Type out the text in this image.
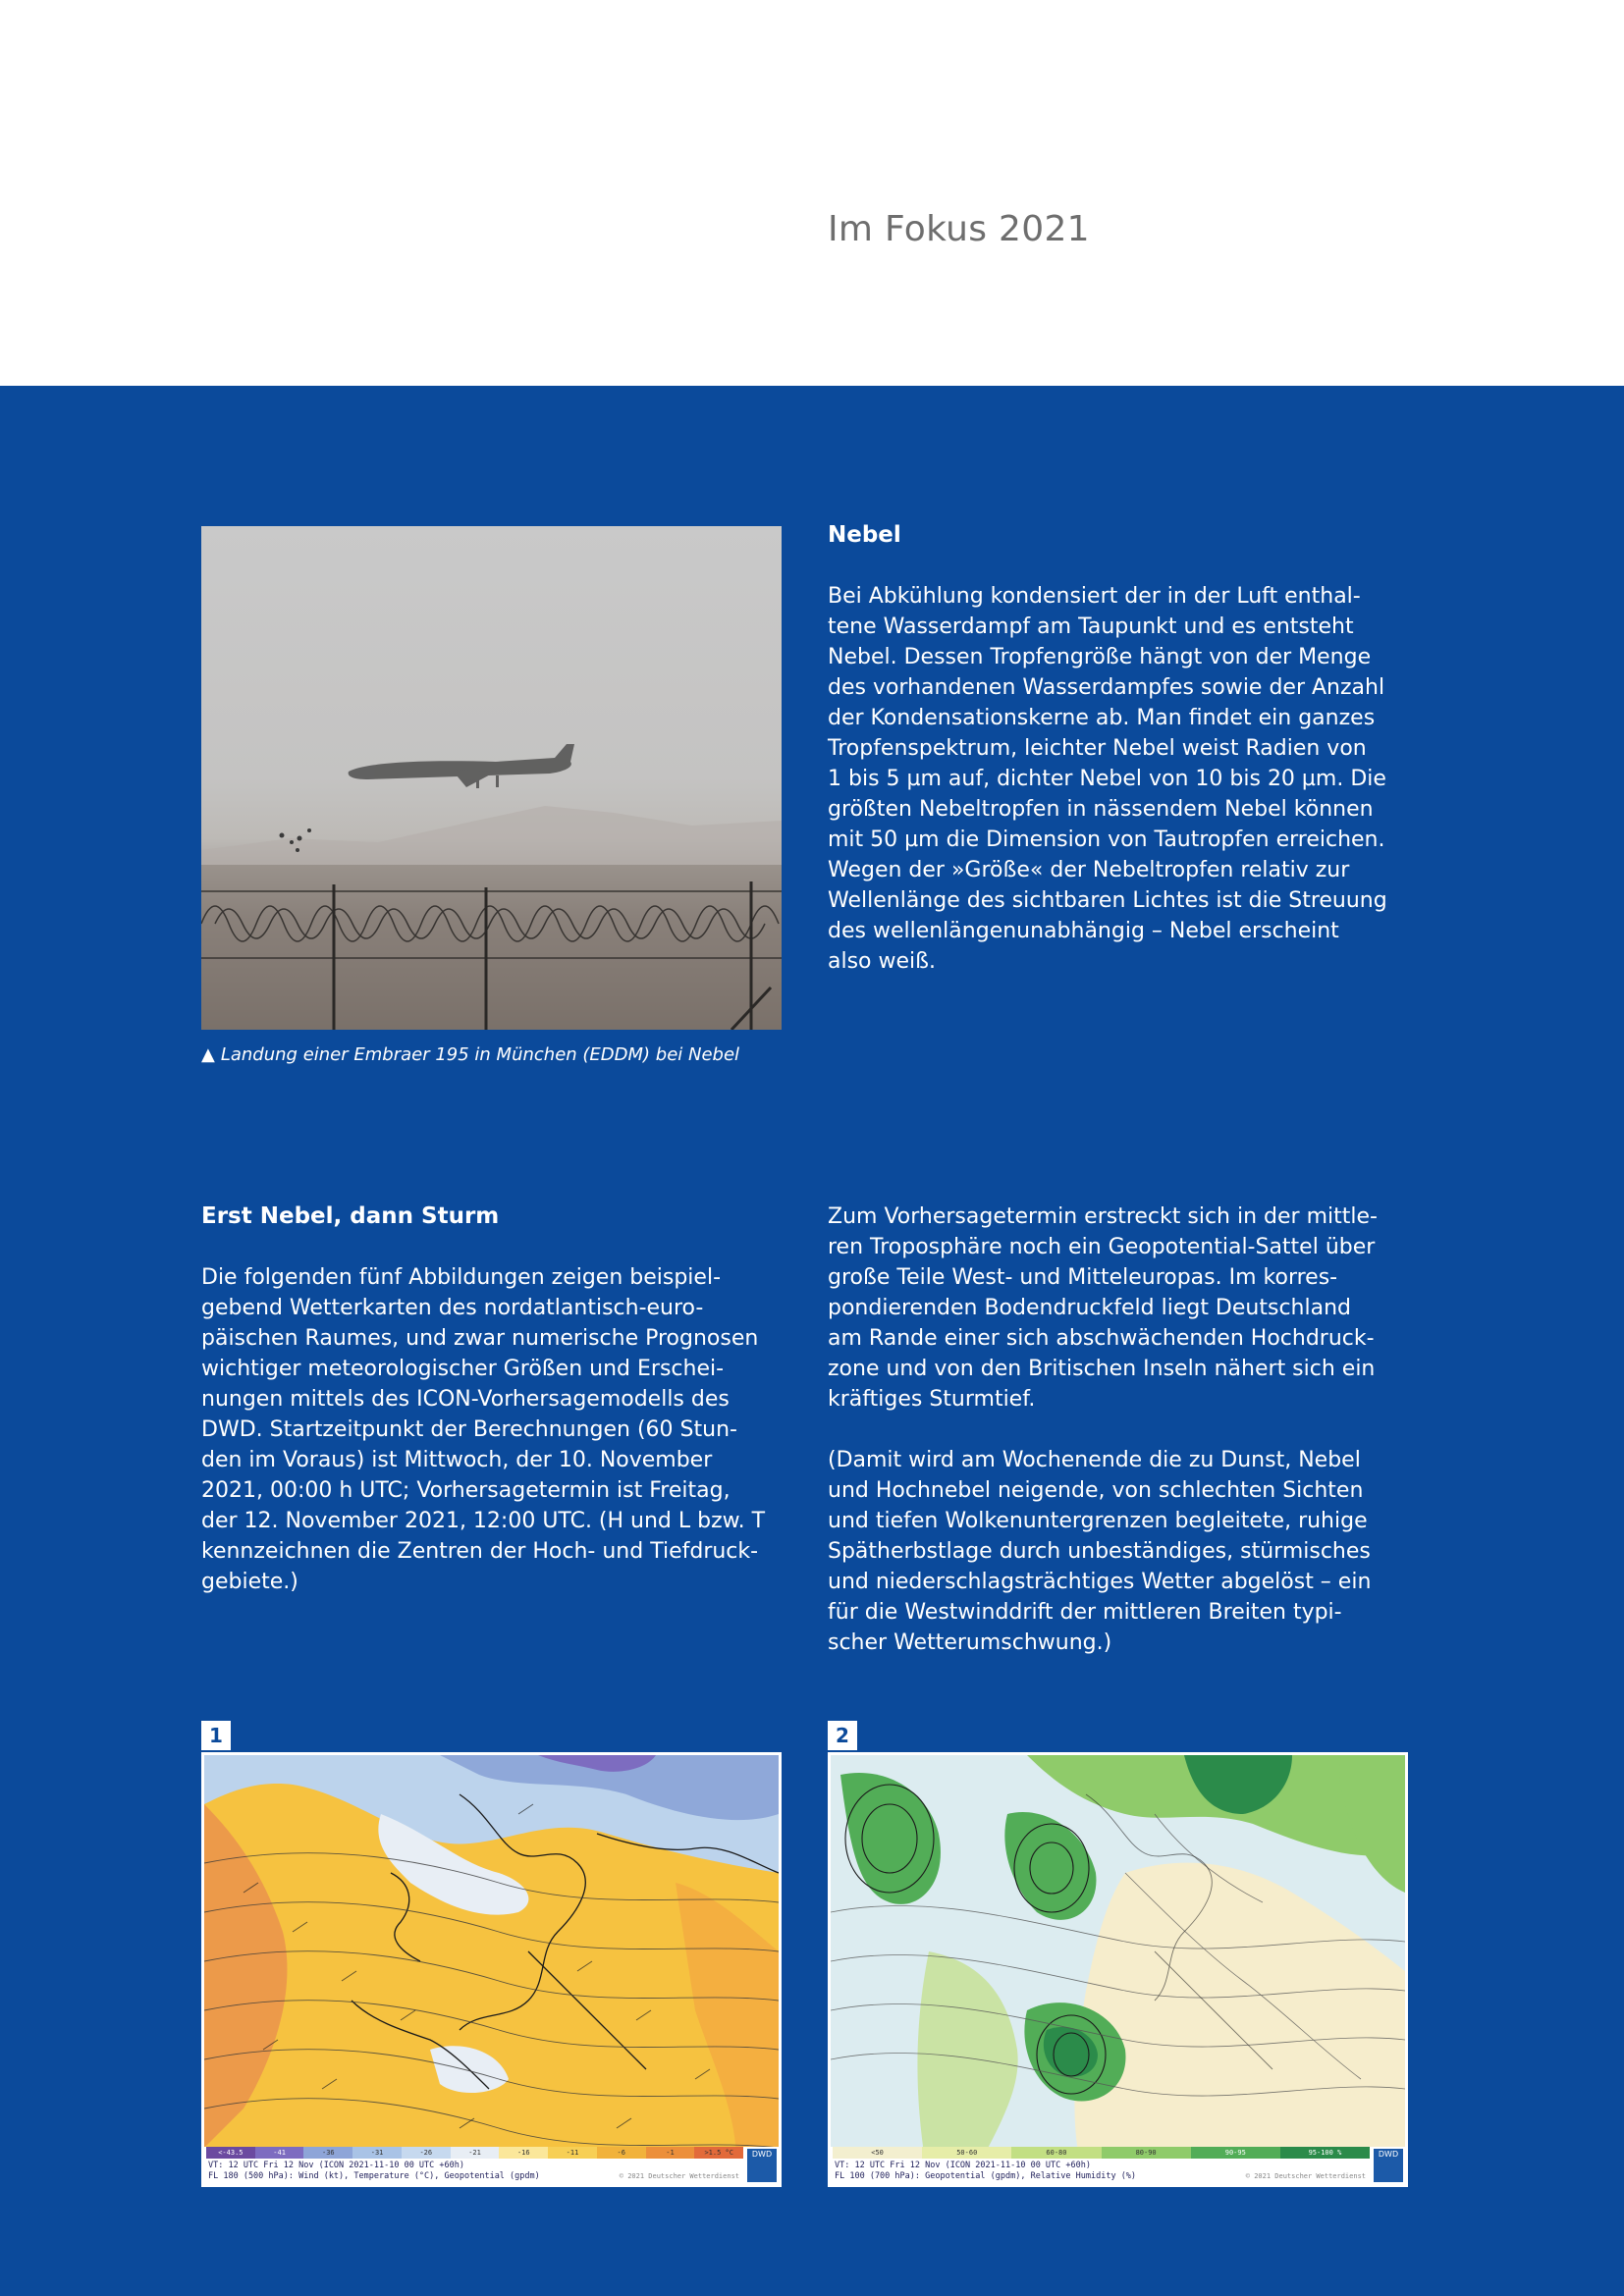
Im Fokus 2021
▲ Landung einer Embraer 195 in München (EDDM) bei Nebel
Nebel
Bei Abkühlung kondensiert der in der Luft enthal-
tene Wasserdampf am Taupunkt und es entsteht
Nebel. Dessen Tropfengröße hängt von der Menge
des vorhandenen Wasserdampfes sowie der Anzahl
der Kondensationskerne ab. Man findet ein ganzes
Tropfenspektrum, leichter Nebel weist Radien von
1 bis 5 µm auf, dichter Nebel von 10 bis 20 µm. Die
größten Nebeltropfen in nässendem Nebel können
mit 50 µm die Dimension von Tautropfen erreichen.
Wegen der »Größe« der Nebeltropfen relativ zur
Wellenlänge des sichtbaren Lichtes ist die Streuung
des wellenlängenunabhängig – Nebel erscheint
also weiß.
Erst Nebel, dann Sturm
Die folgenden fünf Abbildungen zeigen beispiel-
gebend Wetterkarten des nordatlantisch-euro-
päischen Raumes, und zwar numerische Prognosen
wichtiger meteorologischer Größen und Erschei-
nungen mittels des ICON-Vorhersagemodells des
DWD. Startzeitpunkt der Berechnungen (60 Stun-
den im Voraus) ist Mittwoch, der 10. November
2021, 00:00 h UTC; Vorhersagetermin ist Freitag,
der 12. November 2021, 12:00 UTC. (H und L bzw. T
kennzeichnen die Zentren der Hoch- und Tiefdruck-
gebiete.)
Zum Vorhersagetermin erstreckt sich in der mittle-
ren Troposphäre noch ein Geopotential-Sattel über
große Teile West- und Mitteleuropas. Im korres-
pondierenden Bodendruckfeld liegt Deutschland
am Rande einer sich abschwächenden Hochdruck-
zone und von den Britischen Inseln nähert sich ein
kräftiges Sturmtief.
(Damit wird am Wochenende die zu Dunst, Nebel
und Hochnebel neigende, von schlechten Sichten
und tiefen Wolkenuntergrenzen begleitete, ruhige
Spätherbstlage durch unbeständiges, stürmisches
und niederschlagsträchtiges Wetter abgelöst – ein
für die Westwinddrift der mittleren Breiten typi-
scher Wetterumschwung.)
1
<-43.5	-41	-36	-31	-26	-21	-16	-11	-6	-1	>1.5 °C
VT: 12 UTC Fri 12 Nov (ICON 2021-11-10 00 UTC +60h)
FL 180 (500 hPa): Wind (kt), Temperature (°C), Geopotential (gpdm)	© 2021 Deutscher Wetterdienst
DWD
2
<50	50-60	60-80	80-90	90-95	95-100 %
VT: 12 UTC Fri 12 Nov (ICON 2021-11-10 00 UTC +60h)
FL 100 (700 hPa): Geopotential (gpdm), Relative Humidity (%)	© 2021 Deutscher Wetterdienst
DWD
